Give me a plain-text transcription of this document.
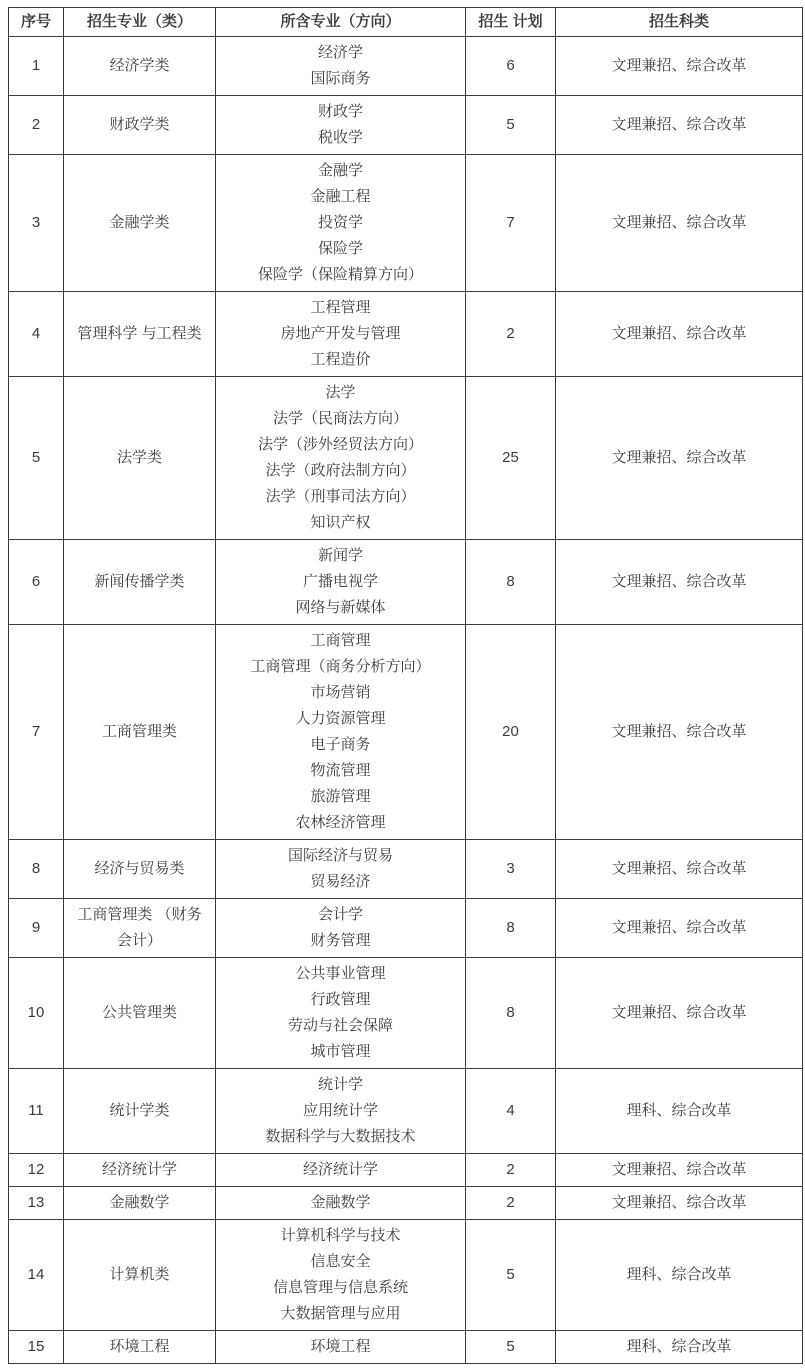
序号	招生专业（类）	所含专业（方向）	招生 计划	招生科类
1	经济学类	经济学
国际商务	6	文理兼招、综合改革
2	财政学类	财政学
税收学	5	文理兼招、综合改革
3	金融学类	金融学
金融工程
投资学
保险学
保险学（保险精算方向）	7	文理兼招、综合改革
4	管理科学 与工程类	工程管理
房地产开发与管理
工程造价	2	文理兼招、综合改革
5	法学类	
法学
法学（民商法方向）
法学（涉外经贸法方向）
法学（政府法制方向）
法学（刑事司法方向）
知识产权
	25	文理兼招、综合改革
6	新闻传播学类	新闻学
广播电视学
网络与新媒体	8	文理兼招、综合改革
7	工商管理类	
工商管理
工商管理（商务分析方向）
市场营销
人力资源管理
电子商务
物流管理
旅游管理
农林经济管理
	20	文理兼招、综合改革
8	经济与贸易类	国际经济与贸易
贸易经济	3	文理兼招、综合改革
9	工商管理类 （财务会计）	会计学
财务管理	8	文理兼招、综合改革
10	公共管理类	公共事业管理
行政管理
劳动与社会保障
城市管理	8	文理兼招、综合改革
11	统计学类	统计学
应用统计学
数据科学与大数据技术	4	理科、综合改革
12	经济统计学	经济统计学	2	文理兼招、综合改革
13	金融数学	金融数学	2	文理兼招、综合改革
14	计算机类	计算机科学与技术
信息安全
信息管理与信息系统
大数据管理与应用	5	理科、综合改革
15	环境工程	环境工程	5	理科、综合改革
